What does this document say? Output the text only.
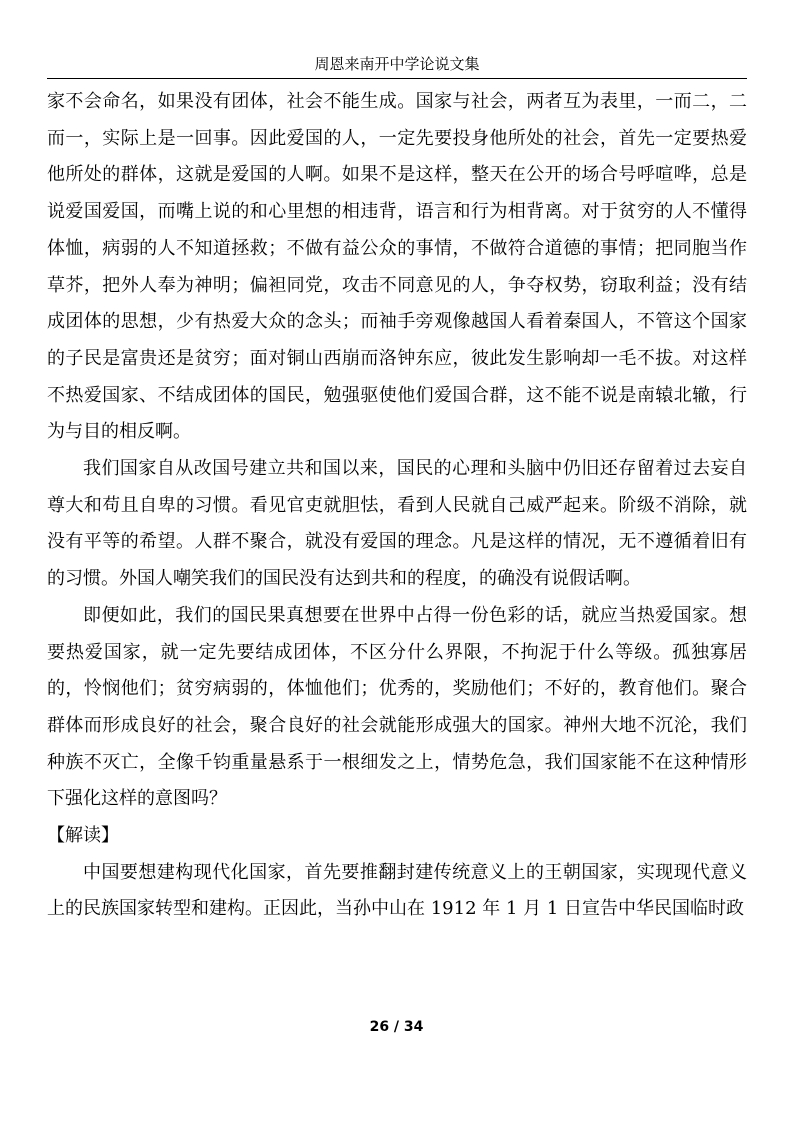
周恩来南开中学论说文集

家不会命名，如果没有团体，社会不能生成。国家与社会，两者互为表里，一而二，二而一，实际上是一回事。因此爱国的人，一定先要投身他所处的社会，首先一定要热爱他所处的群体，这就是爱国的人啊。如果不是这样，整天在公开的场合号呼喧哗，总是说爱国爱国，而嘴上说的和心里想的相违背，语言和行为相背离。对于贫穷的人不懂得体恤，病弱的人不知道拯救；不做有益公众的事情，不做符合道德的事情；把同胞当作草芥，把外人奉为神明；偏袒同党，攻击不同意见的人，争夺权势，窃取利益；没有结成团体的思想，少有热爱大众的念头；而袖手旁观像越国人看着秦国人，不管这个国家的子民是富贵还是贫穷；面对铜山西崩而洛钟东应，彼此发生影响却一毛不拔。对这样不热爱国家、不结成团体的国民，勉强驱使他们爱国合群，这不能不说是南辕北辙，行为与目的相反啊。

我们国家自从改国号建立共和国以来，国民的心理和头脑中仍旧还存留着过去妄自尊大和苟且自卑的习惯。看见官吏就胆怯，看到人民就自己威严起来。阶级不消除，就没有平等的希望。人群不聚合，就没有爱国的理念。凡是这样的情况，无不遵循着旧有的习惯。外国人嘲笑我们的国民没有达到共和的程度，的确没有说假话啊。

即便如此，我们的国民果真想要在世界中占得一份色彩的话，就应当热爱国家。想要热爱国家，就一定先要结成团体，不区分什么界限，不拘泥于什么等级。孤独寡居的，怜悯他们；贫穷病弱的，体恤他们；优秀的，奖励他们；不好的，教育他们。聚合群体而形成良好的社会，聚合良好的社会就能形成强大的国家。神州大地不沉沦，我们种族不灭亡，全像千钧重量悬系于一根细发之上，情势危急，我们国家能不在这种情形下强化这样的意图吗？

【解读】

中国要想建构现代化国家，首先要推翻封建传统意义上的王朝国家，实现现代意义上的民族国家转型和建构。正因此，当孙中山在 1912 年 1 月 1 日宣告中华民国临时政

26 / 34
